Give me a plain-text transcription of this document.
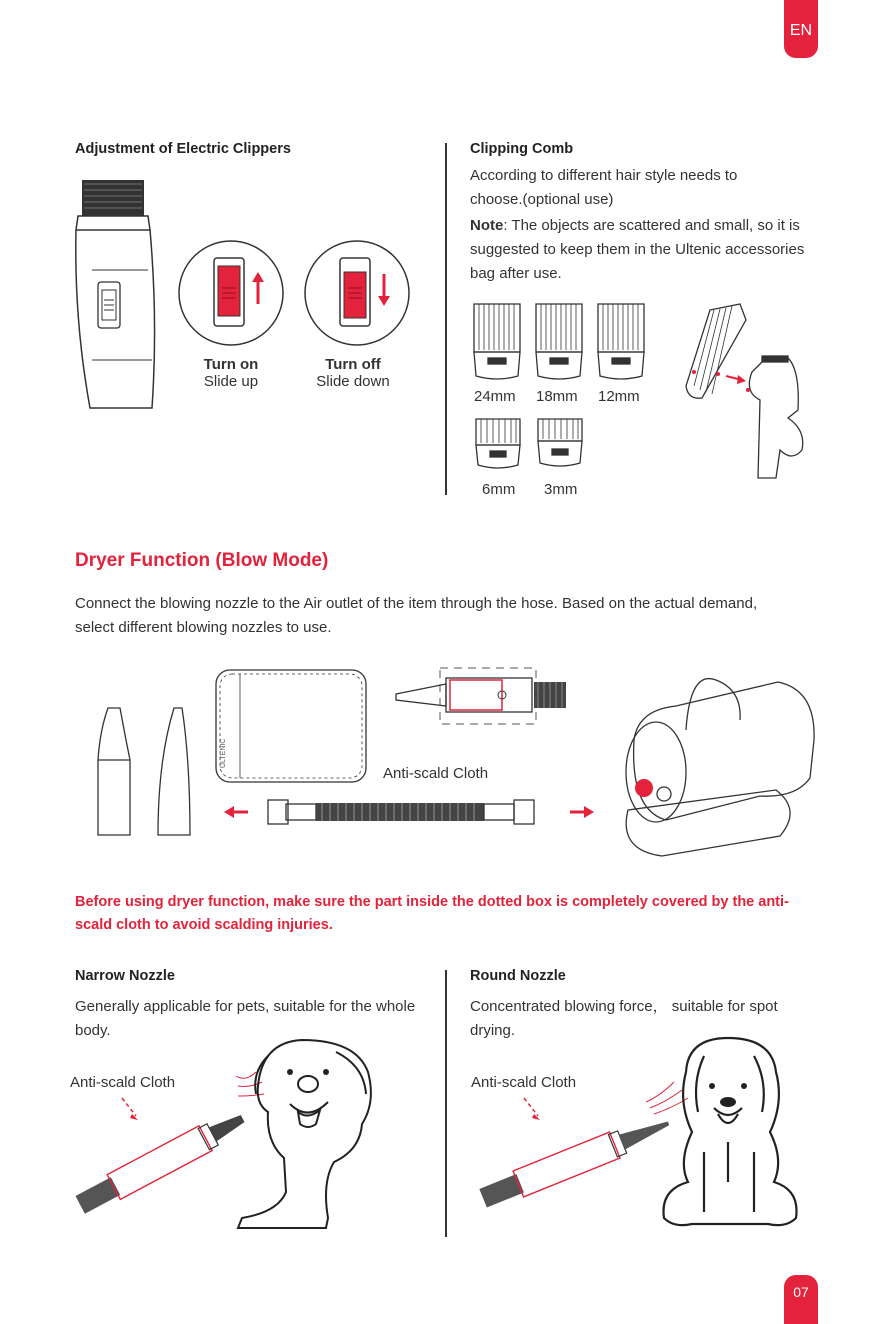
EN
07
Adjustment of Electric Clippers
Turn on
Slide up
Turn off
Slide down
Clipping Comb
According to different hair style needs to choose.(optional use)
Note: The objects are scattered and small, so it is suggested to keep them in the Ultenic accessories bag after use.
24mm 18mm 12mm
6mm 3mm
Dryer Function (Blow Mode)
Connect the blowing nozzle to the Air outlet of the item through the hose. Based on the actual demand, select different blowing nozzles to use.
ULTENIC
Anti-scald Cloth
Before using dryer function, make sure the part inside the dotted box is completely covered by the anti-scald cloth to avoid scalding injuries.
Narrow Nozzle
Generally applicable for pets, suitable for the whole body.
Anti-scald Cloth
Round Nozzle
Concentrated blowing force， suitable for spot drying.
Anti-scald Cloth
